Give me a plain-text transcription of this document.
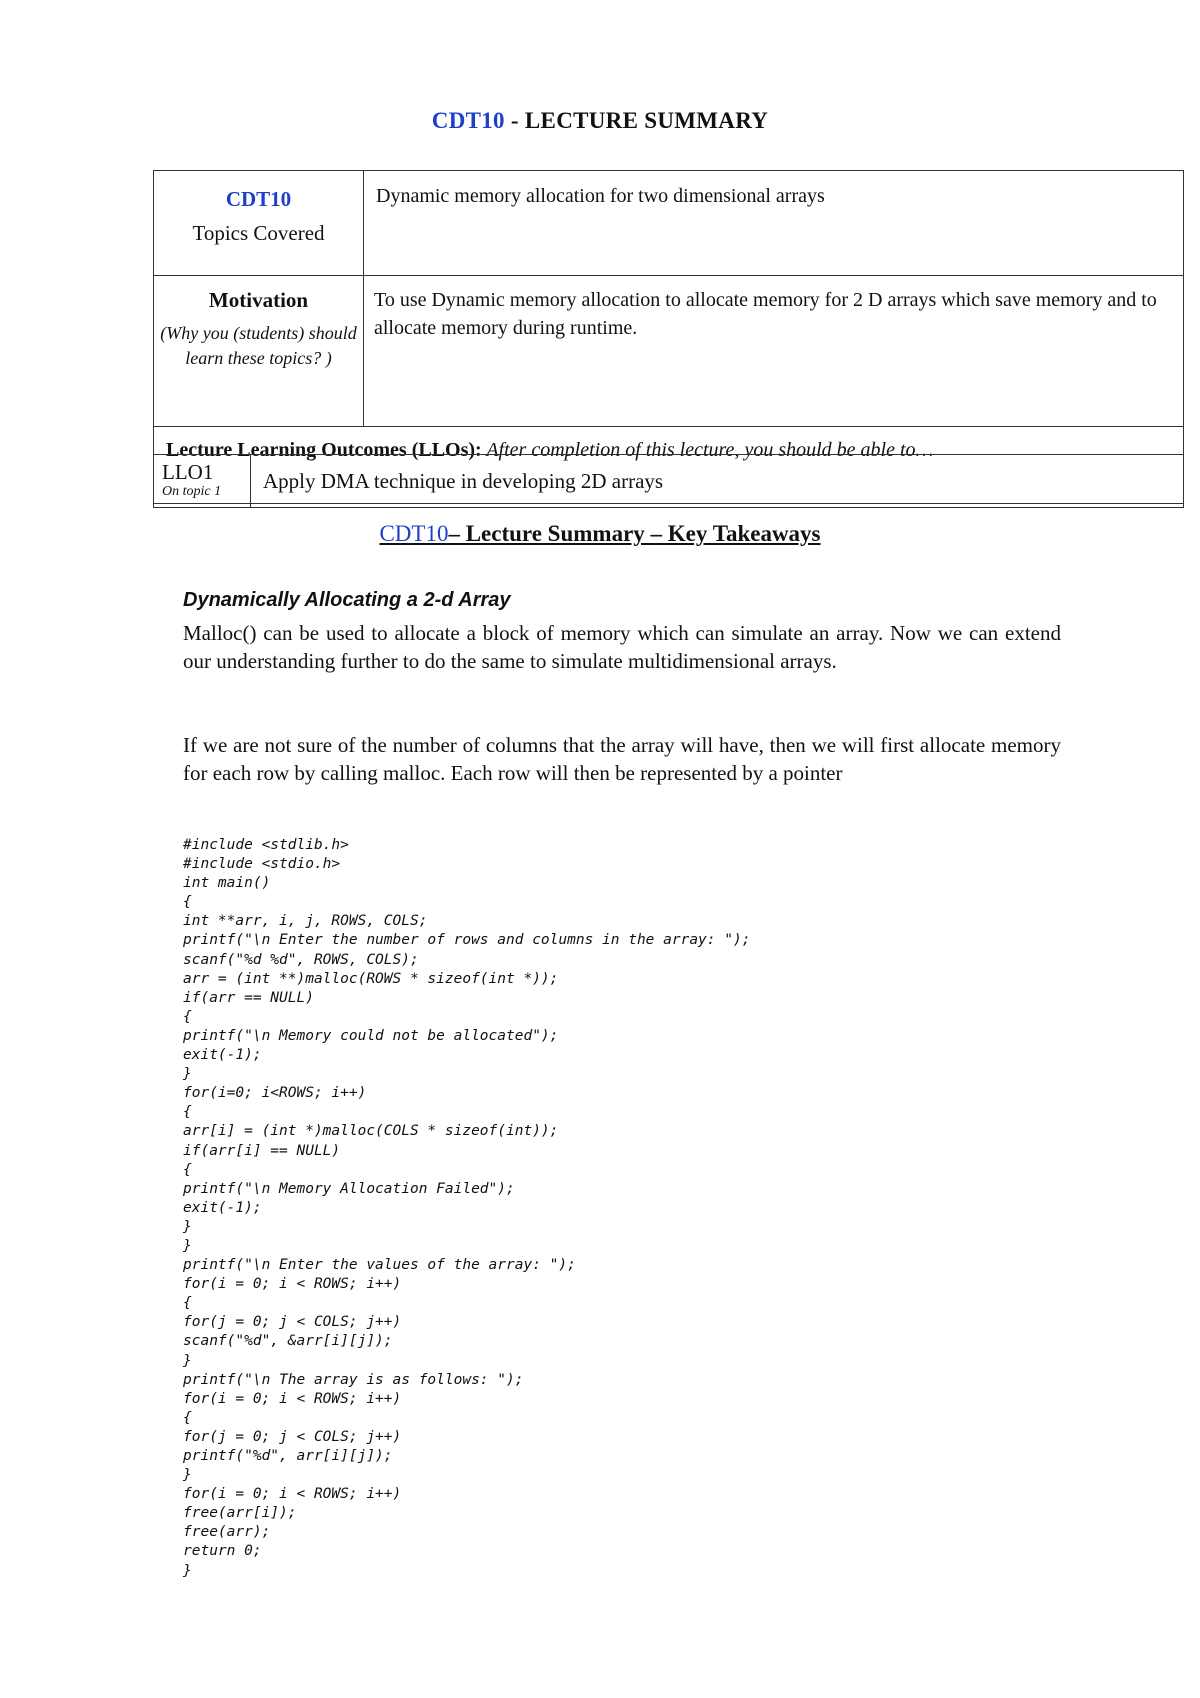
CDT10 - LECTURE SUMMARY
CDT10
Topics Covered	Dynamic memory allocation for two dimensional arrays

Motivation
(Why you (students) should learn these topics? )	To use Dynamic memory allocation to allocate memory for 2 D arrays which save memory and to allocate memory during runtime.
Lecture Learning Outcomes (LLOs): After completion of this lecture, you should be able to…	
LLO1
On topic 1	Apply DMA technique in developing 2D arrays
CDT10– Lecture Summary – Key Takeaways
Dynamically Allocating a 2-d Array
Malloc() can be used to allocate a block of memory which can simulate an array. Now we can extend our understanding further to do the same to simulate multidimensional arrays.
If we are not sure of the number of columns that the array will have, then we will first allocate memory for each row by calling malloc. Each row will then be represented by a pointer
#include <stdlib.h>
#include <stdio.h>
int main()
{
int **arr, i, j, ROWS, COLS;
printf("\n Enter the number of rows and columns in the array: ");
scanf("%d %d", ROWS, COLS);
arr = (int **)malloc(ROWS * sizeof(int *));
if(arr == NULL)
{
printf("\n Memory could not be allocated");
exit(-1);
}
for(i=0; i<ROWS; i++)
{
arr[i] = (int *)malloc(COLS * sizeof(int));
if(arr[i] == NULL)
{
printf("\n Memory Allocation Failed");
exit(-1);
}
}
printf("\n Enter the values of the array: ");
for(i = 0; i < ROWS; i++)
{
for(j = 0; j < COLS; j++)
scanf("%d", &arr[i][j]);
}
printf("\n The array is as follows: ");
for(i = 0; i < ROWS; i++)
{
for(j = 0; j < COLS; j++)
printf("%d", arr[i][j]);
}
for(i = 0; i < ROWS; i++)
free(arr[i]);
free(arr);
return 0;
}
